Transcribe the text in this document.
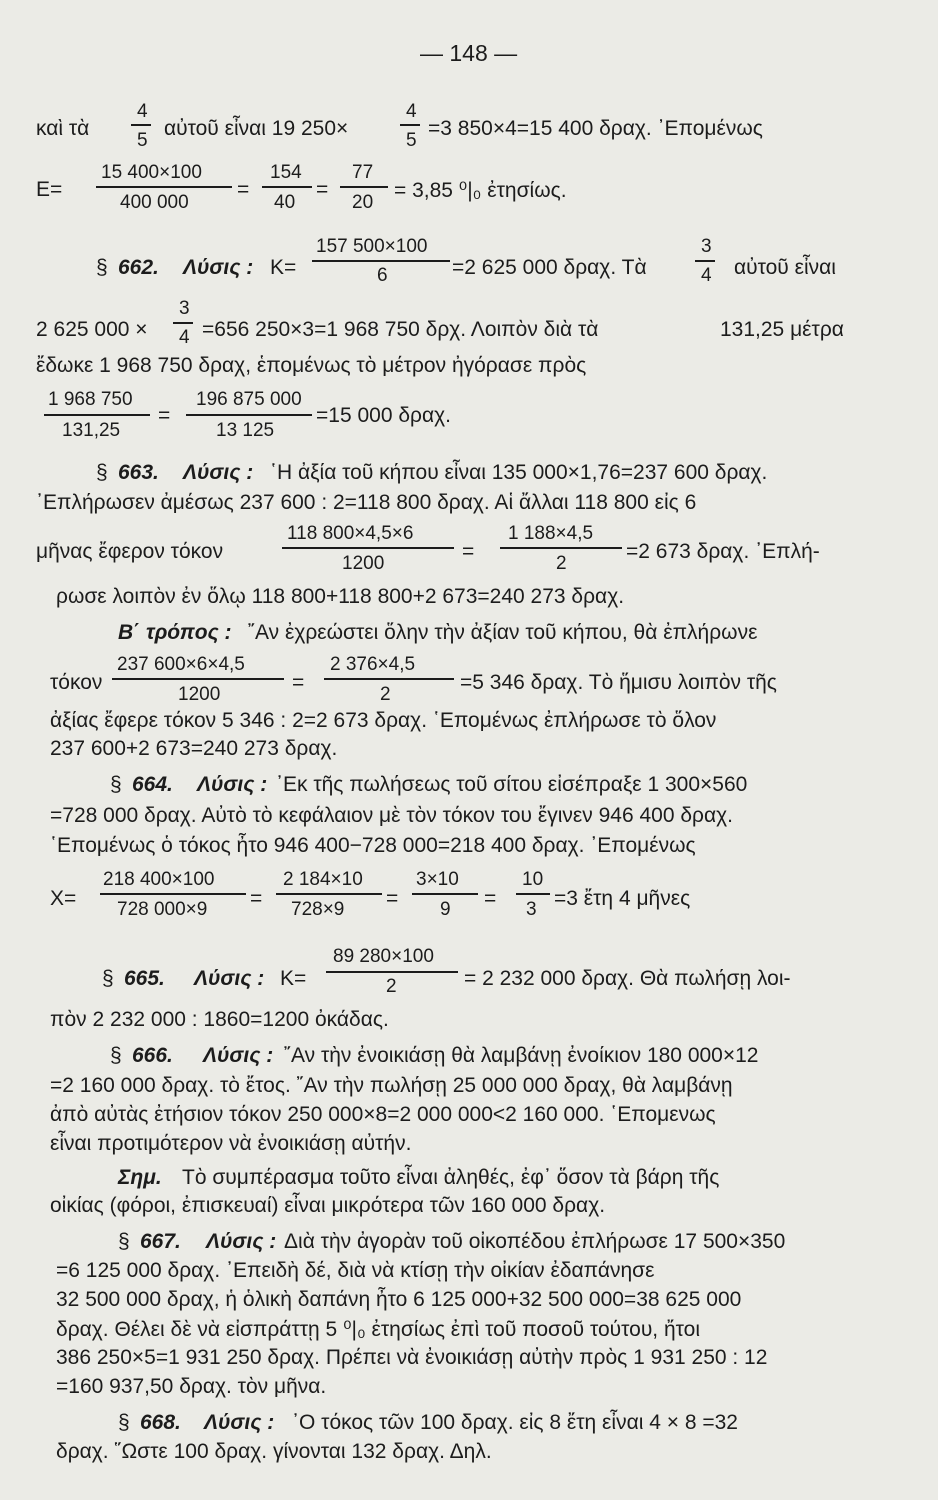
— 148 —
καὶ τὰ
4
5
αὐτοῦ εἶναι 19 250×
4
5
=3 850×4=15 400 δραχ. ᾽Επομένως
Ε=
15 400×100
400 000
=
154
40
=
77
20
= 3,85 ⁰|₀ ἐτησίως.
§ 662. Λύσις : Κ=
157 500×100
6	=2 625 000 δραχ. Τὰ
3
4 αὐτοῦ εἶναι
2 625 000 ×
3
4 =656 250×3=1 968 750 δρχ. Λοιπὸν διὰ τὰ	131,25 μέτρα
ἔδωκε 1 968 750 δραχ, ἑπομένως τὸ μέτρον ἠγόρασε πρὸς
1 968 750
131,25
=
196 875 000
13 125
=15 000 δραχ.
§ 663. Λύσις : ῾Η ἀξία τοῦ κήπου εἶναι 135 000×1,76=237 600 δραχ.
᾽Επλήρωσεν ἀμέσως 237 600 : 2=118 800 δραχ. Αἱ ἄλλαι 118 800 εἰς 6
μῆνας ἔφερον τόκον
118 800×4,5×6
1200
=
1 188×4,5
2
=2 673 δραχ. ᾽Επλή-
ρωσε λοιπὸν ἐν ὅλῳ 118 800+118 800+2 673=240 273 δραχ.
Β΄ τρόπος : ῎Αν ἐχρεώστει ὅλην τὴν ἀξίαν τοῦ κήπου, θὰ ἐπλήρωνε
τόκον
237 600×6×4,5
1200
=
2 376×4,5
2
=5 346 δραχ. Τὸ ἥμισυ λοιπὸν τῆς
ἀξίας ἔφερε τόκον 5 346 : 2=2 673 δραχ. ῾Επομένως ἐπλήρωσε τὸ ὅλον
237 600+2 673=240 273 δραχ.
§ 664. Λύσις : ᾽Εκ τῆς πωλήσεως τοῦ σίτου εἰσέπραξε 1 300×560
=728 000 δραχ. Αὐτὸ τὸ κεφάλαιον μὲ τὸν τόκον του ἔγινεν 946 400 δραχ.
῾Επομένως ὁ τόκος ἦτο 946 400−728 000=218 400 δραχ. ᾽Επομένως
Χ=
218 400×100
728 000×9 =
2 184×10
728×9 =
3×10
9 =
10
3 =3 ἔτη 4 μῆνες
§ 665. Λύσις : Κ=
89 280×100
2	= 2 232 000 δραχ. Θὰ πωλήσῃ λοι-
πὸν 2 232 000 : 1860=1200 ὀκάδας.
§ 666. Λύσις : ῎Αν τὴν ἐνοικιάσῃ θὰ λαμβάνῃ ἐνοίκιον 180 000×12
=2 160 000 δραχ. τὸ ἔτος. ῎Αν τὴν πωλήσῃ 25 000 000 δραχ, θὰ λαμβάνῃ
ἀπὸ αὐτὰς ἐτήσιον τόκον 250 000×8=2 000 000<2 160 000. ῾Επομενως
εἶναι προτιμότερον νὰ ἐνοικιάσῃ αὐτήν.
Σημ. Τὸ συμπέρασμα τοῦτο εἶναι ἀληθές, ἐφ᾽ ὅσον τὰ βάρη τῆς
οἰκίας (φόροι, ἐπισκευαί) εἶναι μικρότερα τῶν 160 000 δραχ.
§ 667. Λύσις : Διὰ τὴν ἀγορὰν τοῦ οἰκοπέδου ἐπλήρωσε 17 500×350
=6 125 000 δραχ. ᾽Επειδὴ δέ, διὰ νὰ κτίσῃ τὴν οἰκίαν ἐδαπάνησε
32 500 000 δραχ, ἡ ὁλικὴ δαπάνη ἦτο 6 125 000+32 500 000=38 625 000
δραχ. Θέλει δὲ νὰ εἰσπράττῃ 5 ⁰|₀ ἐτησίως ἐπὶ τοῦ ποσοῦ τούτου, ἤτοι
386 250×5=1 931 250 δραχ. Πρέπει νὰ ἐνοικιάσῃ αὐτὴν πρὸς 1 931 250 : 12
=160 937,50 δραχ. τὸν μῆνα.
§ 668. Λύσις : ᾽Ο τόκος τῶν 100 δραχ. εἰς 8 ἔτη εἶναι 4 × 8 =32
δραχ. ῞Ωστε 100 δραχ. γίνονται 132 δραχ. Δηλ.
